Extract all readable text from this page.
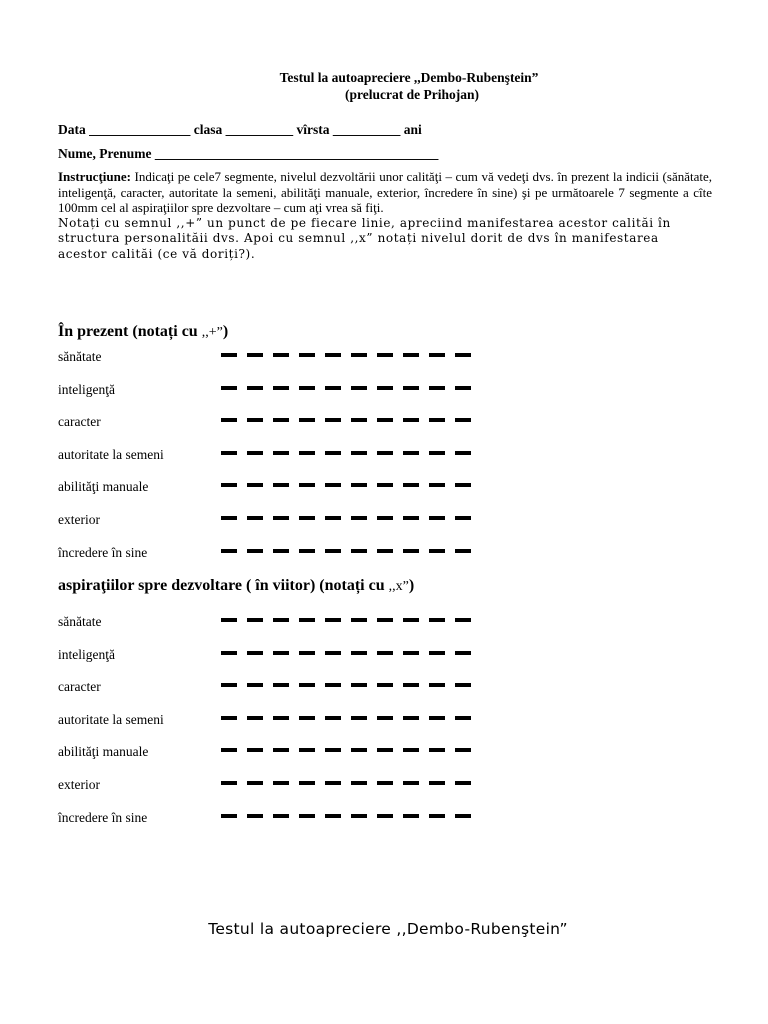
Testul la autoapreciere ,,Dembo-Rubenştein”
(prelucrat de Prihojan)
Data _______________ clasa __________ vîrsta __________ ani
Nume, Prenume __________________________________________
Instrucţiune: Indicaţi pe cele7 segmente, nivelul dezvoltării unor calităţi – cum vă vedeţi dvs. în prezent la indicii (sănătate, inteligenţă, caracter, autoritate la semeni, abilităţi manuale, exterior, încredere în sine) şi pe următoarele 7 segmente a cîte 100mm cel al aspiraţiilor spre dezvoltare – cum aţi vrea să fiţi.
Notați cu semnul ,,+” un punct de pe fiecare linie, apreciind manifestarea acestor calităi în structura personalităii dvs. Apoi cu semnul ,,x” notați nivelul dorit de dvs în manifestarea acestor calităi (ce vă doriți?).
În prezent (notați cu ,,+”)
sănătate
inteligenţă
caracter
autoritate la semeni
abilităţi manuale
exterior
încredere în sine
aspiraţiilor spre dezvoltare ( în viitor) (notați cu ,,x”)
sănătate
inteligenţă
caracter
autoritate la semeni
abilităţi manuale
exterior
încredere în sine
Testul la autoapreciere ,,Dembo-Rubenştein”
